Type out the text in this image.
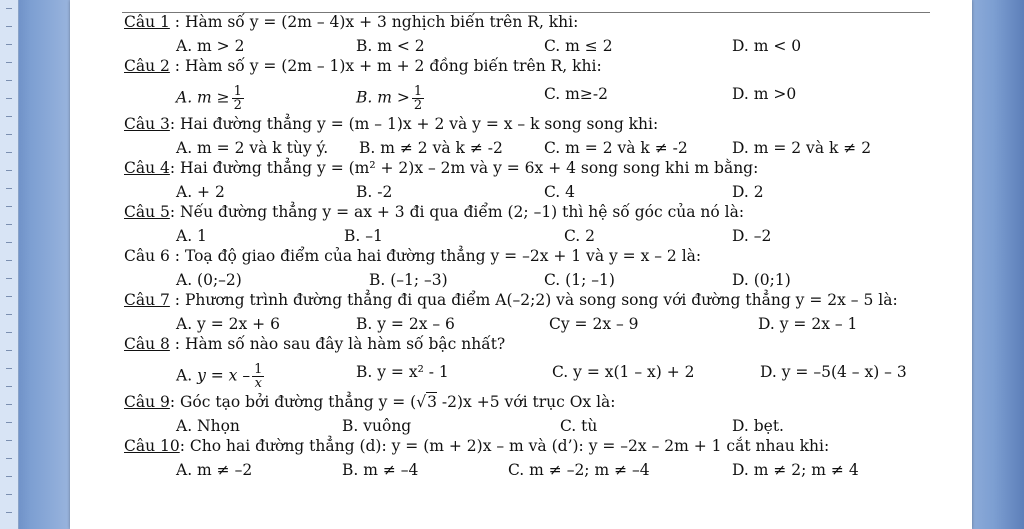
Câu 1 : Hàm số y = (2m – 4)x + 3 nghịch biến trên R, khi:
A. m > 2	B. m < 2	C. m ≤ 2	D. m < 0
Câu 2 : Hàm số y = (2m – 1)x + m + 2 đồng biến trên R, khi:
A. $m \ge \frac{1}{2}$	B. $m > \frac{1}{2}$	C. m≥-2	D. m >0
Câu 3: Hai đường thẳng y = (m – 1)x + 2 và y = x – k song song khi:
A. m = 2 và k tùy ý. B. m ≠ 2 và k ≠ -2	C. m = 2 và k ≠ -2	D. m = 2 và k ≠ 2
Câu 4: Hai đường thẳng y = (m² + 2)x – 2m và y = 6x + 4 song song khi m bằng:
A. + 2	B. -2	C. 4	D. 2
Câu 5: Nếu đường thẳng y = ax + 3 đi qua điểm (2; –1) thì hệ số góc của nó là:
A. 1	B. –1	C. 2	D. –2
Câu 6 : Toạ độ giao điểm của hai đường thẳng y = –2x + 1 và y = x – 2 là:
A. (0;–2)	B. (–1; –3)	C. (1; –1)	D. (0;1)
Câu 7 : Phương trình đường thẳng đi qua điểm A(–2;2) và song song với đường thẳng y = 2x – 5 là:
A. y = 2x + 6	B. y = 2x – 6	Cy = 2x – 9	D. y = 2x – 1
Câu 8 : Hàm số nào sau đây là hàm số bậc nhất?
A. $y = x - \frac{1}{x}$	B. y = x² - 1	C. y = x(1 – x) + 2	D. y = –5(4 – x) – 3
Câu 9: Góc tạo bởi đường thẳng y = (√3 -2)x +5 với trục Ox là:
A. Nhọn	B. vuông	C. tù	D. bẹt.
Câu 10: Cho hai đường thẳng (d): y = (m + 2)x – m và (d’): y = –2x – 2m + 1 cắt nhau khi:
A. m ≠ –2	B. m ≠ –4	C. m ≠ –2; m ≠ –4	D. m ≠ 2; m ≠ 4
